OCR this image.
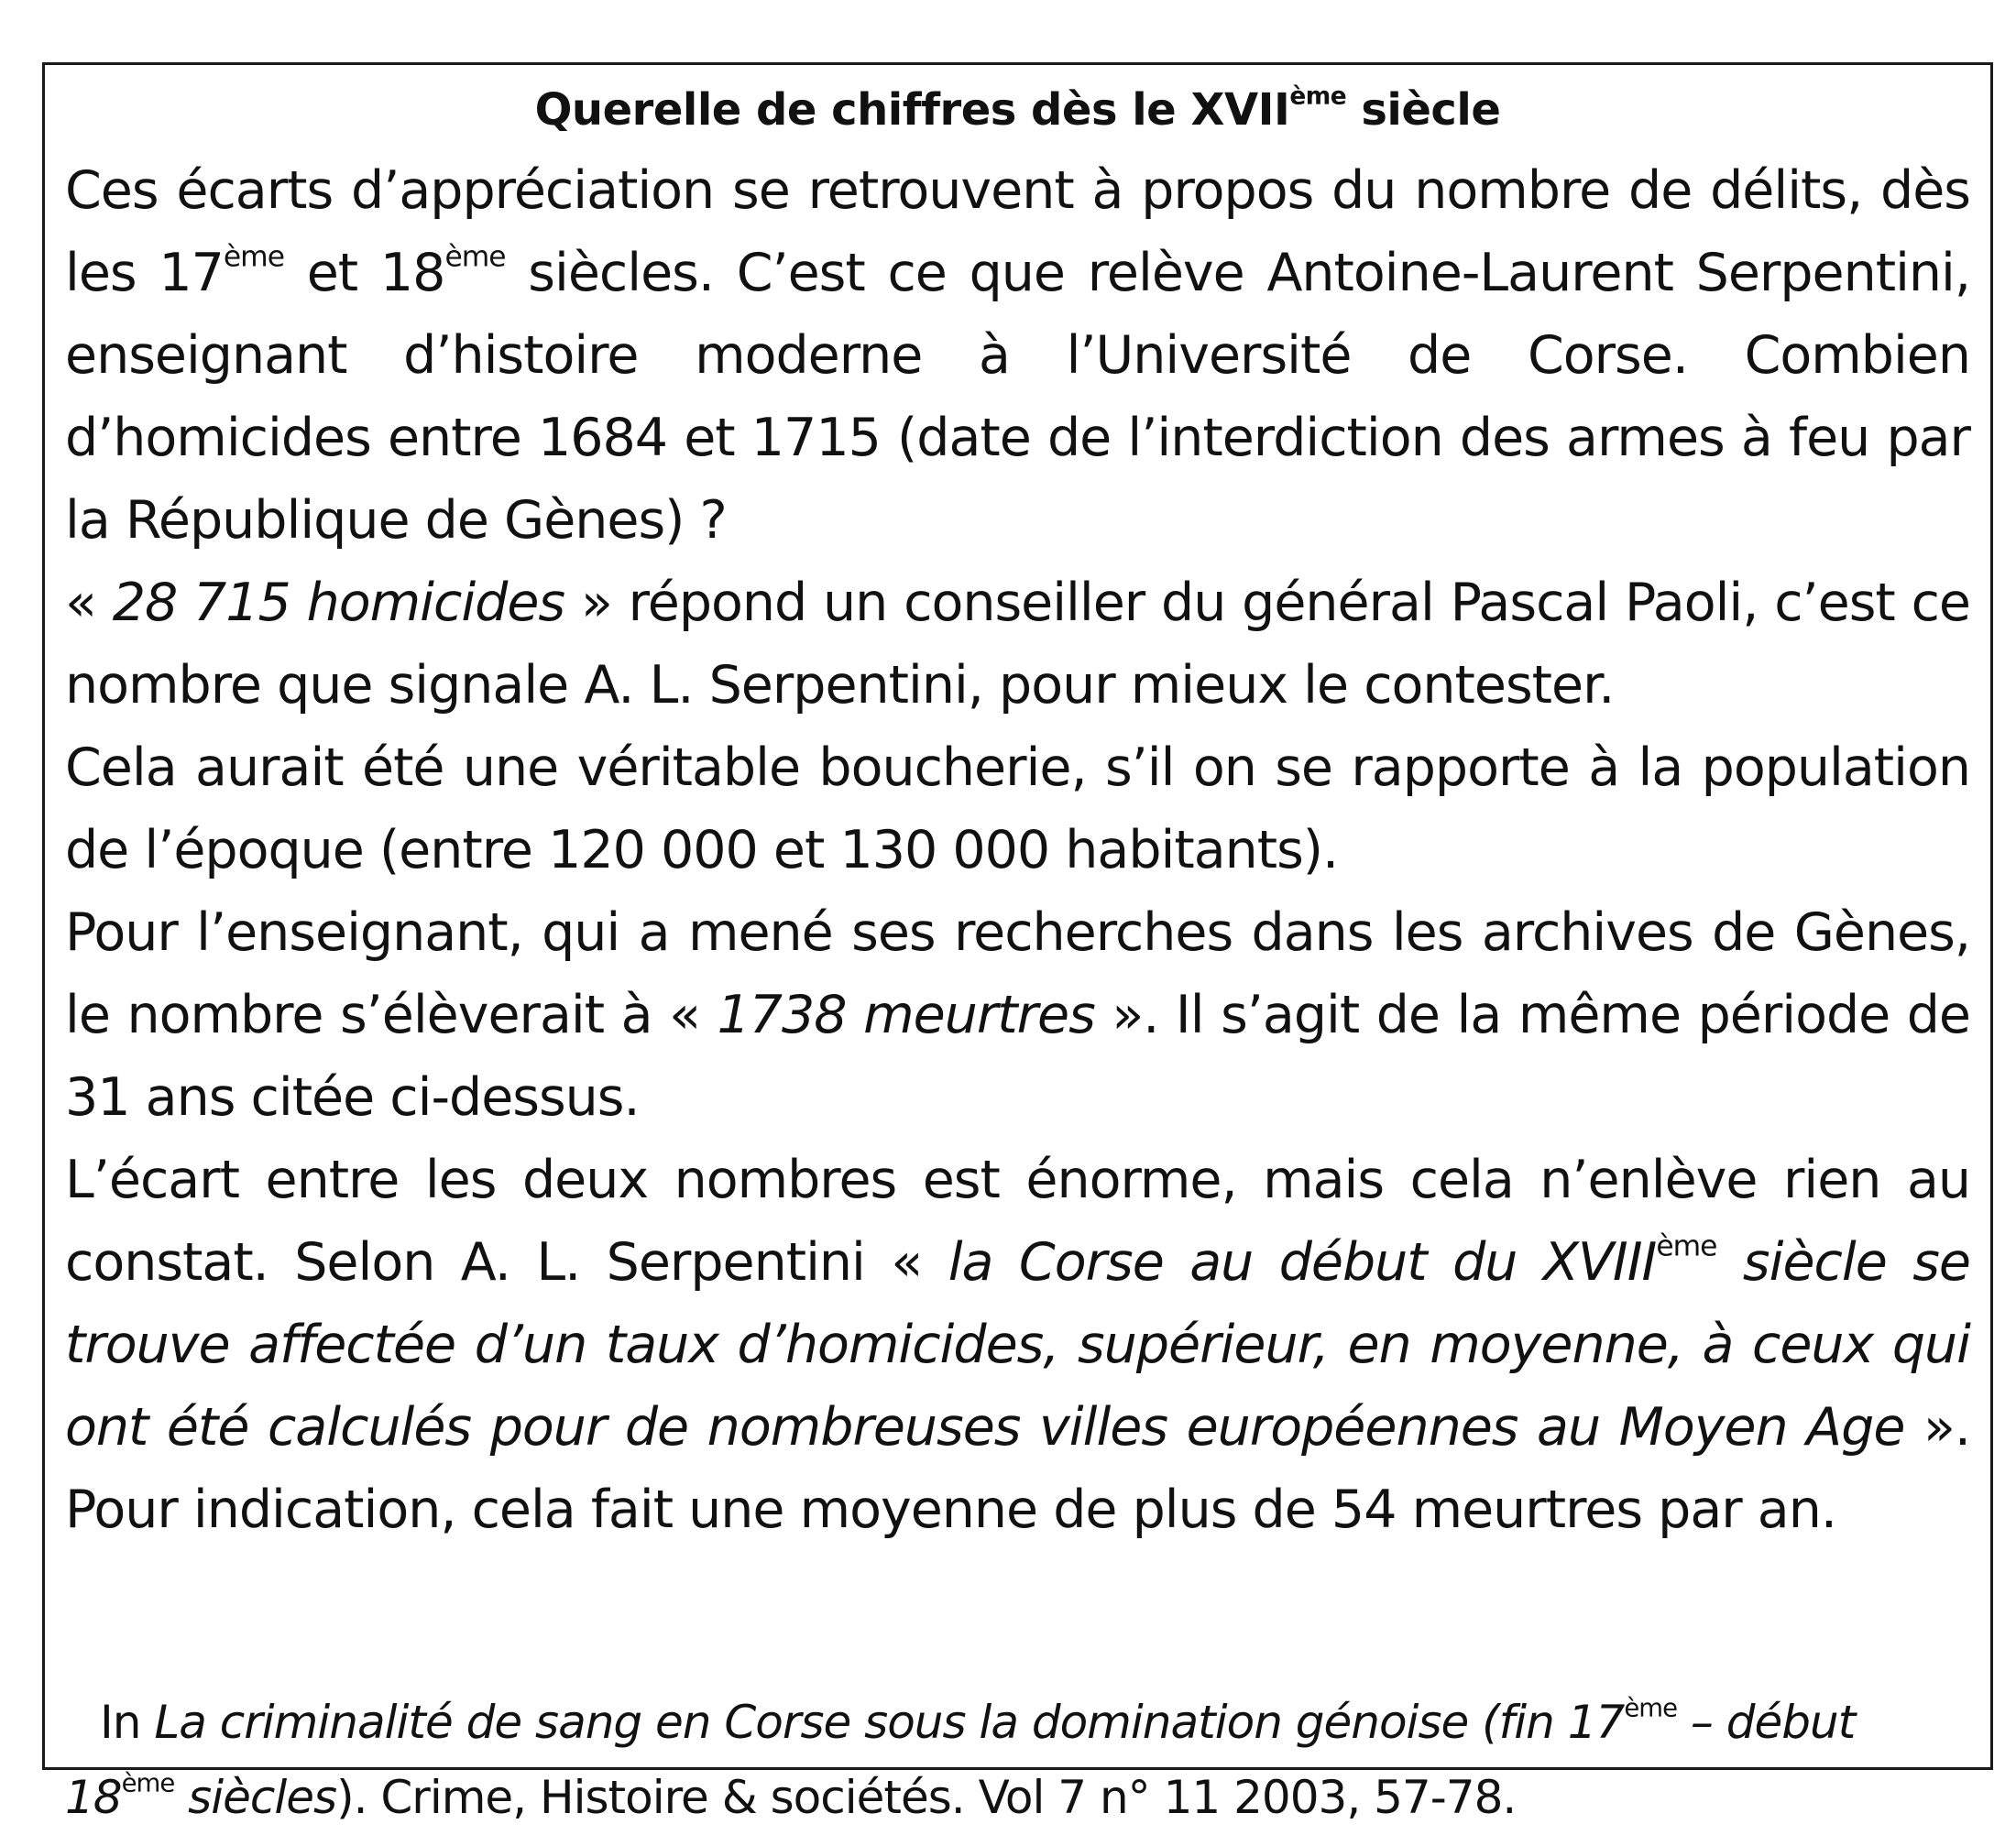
Querelle de chiffres dès le XVIIème siècle

Ces écarts d’appréciation se retrouvent à propos du nombre de délits, dès les 17ème et 18ème siècles. C’est ce que relève Antoine-Laurent Serpentini, enseignant d’histoire moderne à l’Université de Corse. Combien d’homicides entre 1684 et 1715 (date de l’interdiction des armes à feu par la République de Gènes) ?

« 28 715 homicides » répond un conseiller du général Pascal Paoli, c’est ce nombre que signale A. L. Serpentini, pour mieux le contester.

Cela aurait été une véritable boucherie, s’il on se rapporte à la population de l’époque (entre 120 000 et 130 000 habitants).

Pour l’enseignant, qui a mené ses recherches dans les archives de Gènes, le nombre s’élèverait à « 1738 meurtres ». Il s’agit de la même période de 31 ans citée ci-dessus.

L’écart entre les deux nombres est énorme, mais cela n’enlève rien au constat. Selon A. L. Serpentini « la Corse au début du XVIIIème siècle se trouve affectée d’un taux d’homicides, supérieur, en moyenne, à ceux qui ont été calculés pour de nombreuses villes européennes au Moyen Age ». Pour indication, cela fait une moyenne de plus de 54 meurtres par an.

In La criminalité de sang en Corse sous la domination génoise (fin 17ème – début 18ème siècles). Crime, Histoire & sociétés. Vol 7 n° 11 2003, 57-78.
